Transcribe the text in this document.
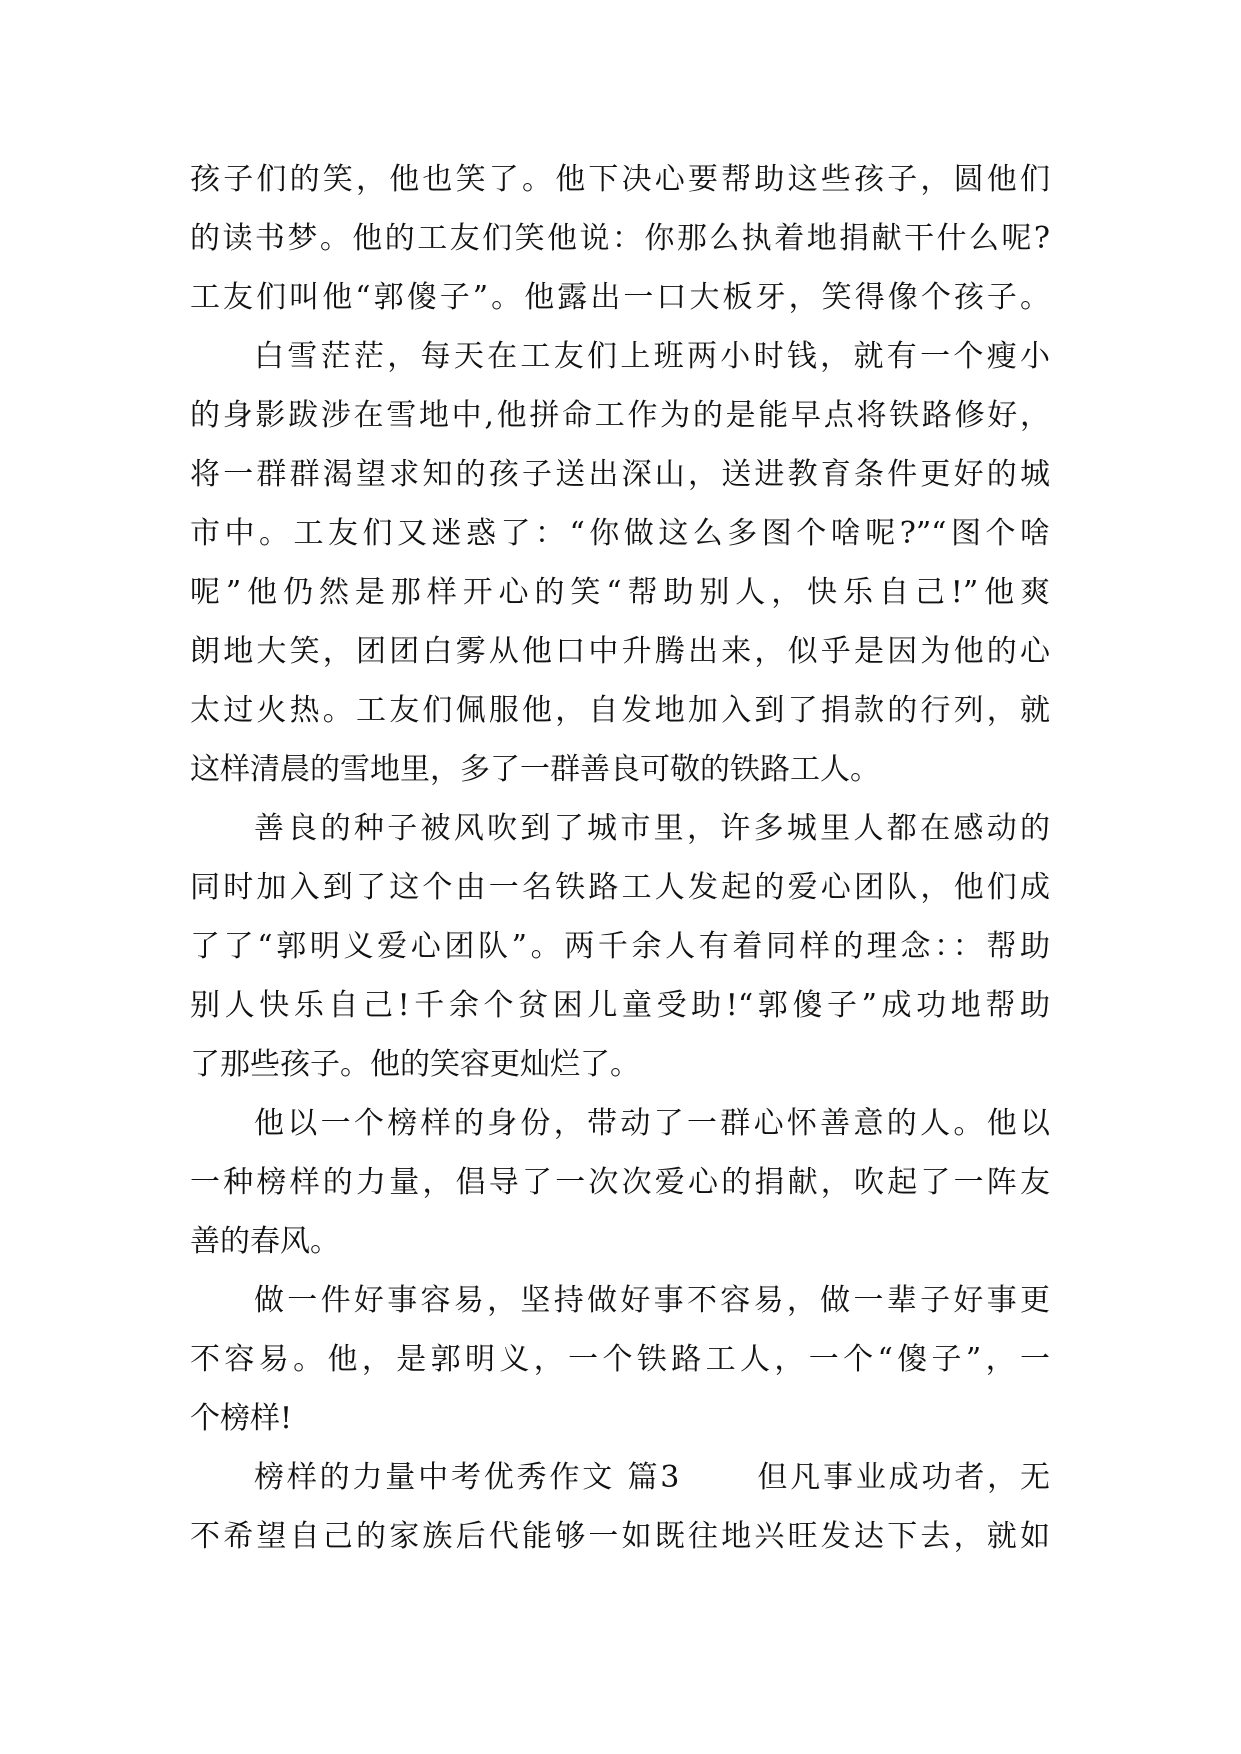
孩子们的笑，他也笑了。他下决心要帮助这些孩子，圆他们
的读书梦。他的工友们笑他说：你那么执着地捐献干什么呢?
工友们叫他“郭傻子”。他露出一口大板牙，笑得像个孩子。
白雪茫茫，每天在工友们上班两小时钱，就有一个瘦小
的身影跋涉在雪地中,他拼命工作为的是能早点将铁路修好，
将一群群渴望求知的孩子送出深山，送进教育条件更好的城
市中。工友们又迷惑了：“你做这么多图个啥呢?”“图个啥
呢”他仍然是那样开心的笑“帮助别人，快乐自己!”他爽
朗地大笑，团团白雾从他口中升腾出来，似乎是因为他的心
太过火热。工友们佩服他，自发地加入到了捐款的行列，就
这样清晨的雪地里，多了一群善良可敬的铁路工人。
善良的种子被风吹到了城市里，许多城里人都在感动的
同时加入到了这个由一名铁路工人发起的爱心团队，他们成
了了“郭明义爱心团队”。两千余人有着同样的理念：：帮助
别人快乐自己!千余个贫困儿童受助!“郭傻子”成功地帮助
了那些孩子。他的笑容更灿烂了。
他以一个榜样的身份，带动了一群心怀善意的人。他以
一种榜样的力量，倡导了一次次爱心的捐献，吹起了一阵友
善的春风。
做一件好事容易，坚持做好事不容易，做一辈子好事更
不容易。他，是郭明义，一个铁路工人，一个“傻子”，一
个榜样!
榜样的力量中考优秀作文 篇3 　　但凡事业成功者，无
不希望自己的家族后代能够一如既往地兴旺发达下去，就如
